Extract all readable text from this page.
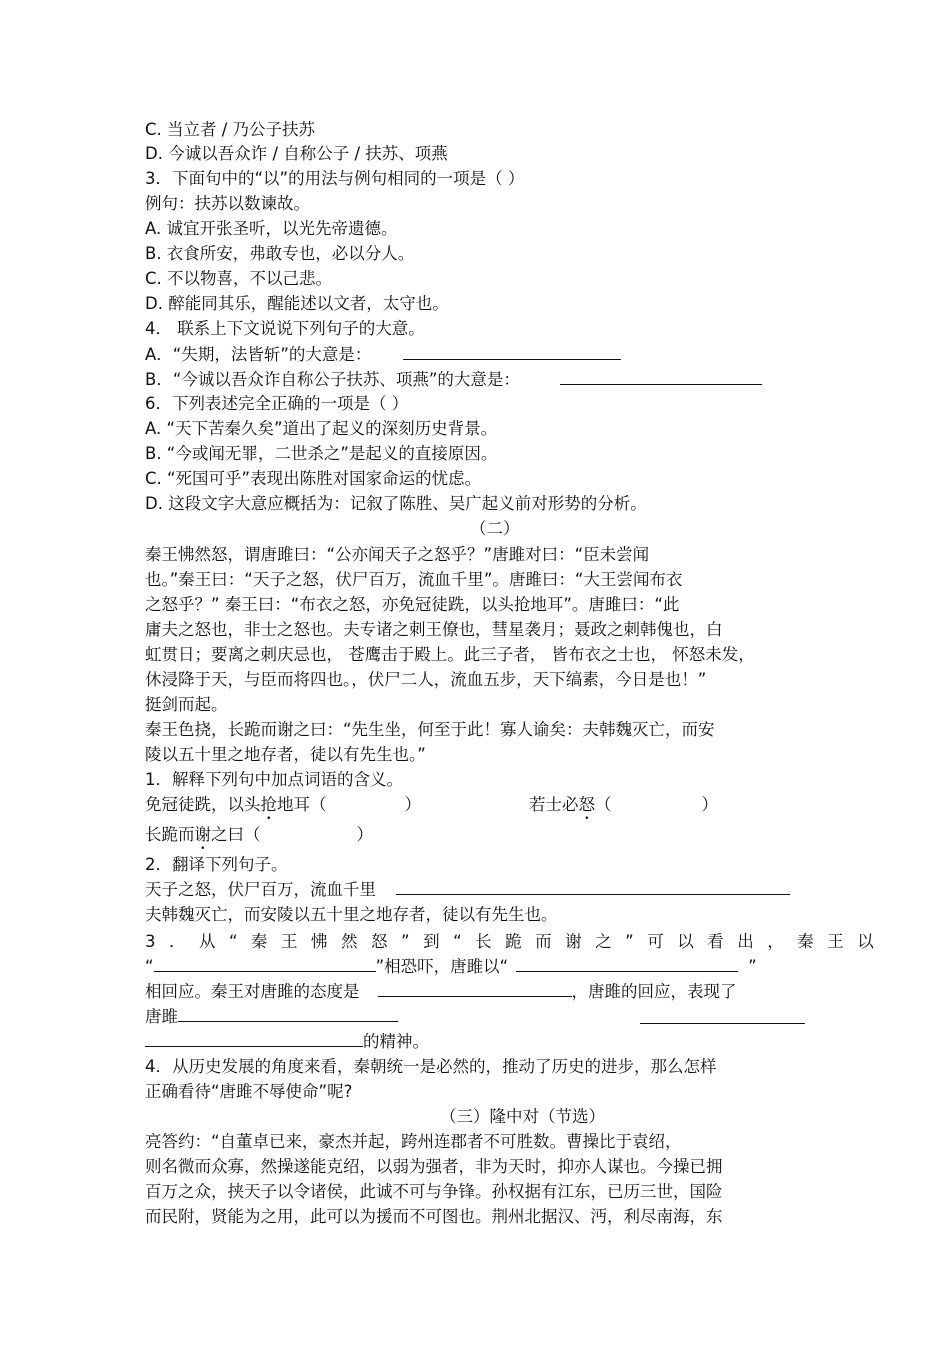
C. 当立者 / 乃公子扶苏
D. 今诚以吾众诈 / 自称公子 / 扶苏、项燕
3．下面句中的“以”的用法与例句相同的一项是（ ）
例句：扶苏以数谏故。
A. 诚宜开张圣听，以光先帝遗德。
B. 衣食所安，弗敢专也，必以分人。
C. 不以物喜，不以己悲。
D. 醉能同其乐，醒能述以文者，太守也。
4． 联系上下文说说下列句子的大意。
A．“失期，法皆斩”的大意是：
B．“今诚以吾众诈自称公子扶苏、项燕”的大意是：
6．下列表述完全正确的一项是（ ）
A. “天下苦秦久矣”道出了起义的深刻历史背景。
B. “今或闻无罪，二世杀之”是起义的直接原因。
C. “死国可乎”表现出陈胜对国家命运的忧虑。
D. 这段文字大意应概括为：记叙了陈胜、吴广起义前对形势的分析。
（二）
秦王怫然怒，谓唐雎曰：“公亦闻天子之怒乎？”唐雎对曰：“臣未尝闻
也。”秦王曰：“天子之怒，伏尸百万，流血千里”。唐雎曰：“大王尝闻布衣
之怒乎？” 秦王曰：“布衣之怒，亦免冠徒跣，以头抢地耳”。唐雎曰：“此
庸夫之怒也，非士之怒也。夫专诸之刺王僚也，彗星袭月；聂政之刺韩傀也，白
虹贯日；要离之刺庆忌也， 苍鹰击于殿上。此三子者， 皆布衣之士也， 怀怒未发，
休浸降于天，与臣而将四也。，伏尸二人，流血五步，天下缟素，今日是也！”
挺剑而起。
秦王色挠，长跪而谢之曰：“先生坐，何至于此！寡人谕矣：夫韩魏灭亡，而安
陵以五十里之地存者，徒以有先生也。”
1．解释下列句中加点词语的含义。
免冠徒跣，以头抢地耳（	）	若士必怒（	）
长跪而谢之曰（	）
2．翻译下列句子。
天子之怒，伏尸百万，流血千里
夫韩魏灭亡，而安陵以五十里之地存者，徒以有先生也。
3．从“秦王怫然怒”到“长跪而谢之”可以看出，秦王以
“	”相恐吓，唐雎以“	”
相回应。秦王对唐雎的态度是	，唐雎的回应，表现了
唐雎
的精神。
4．从历史发展的角度来看，秦朝统一是必然的，推动了历史的进步，那么怎样
正确看待“唐雎不辱使命”呢?
（三）隆中对（节选）
亮答约：“自董卓已来，豪杰并起，跨州连郡者不可胜数。曹操比于袁绍，
则名微而众寡，然操遂能克绍，以弱为强者，非为天时，抑亦人谋也。今操已拥
百万之众，挟天子以令诸侯，此诚不可与争锋。孙权据有江东，已历三世，国险
而民附，贤能为之用，此可以为援而不可图也。荆州北据汉、沔，利尽南海，东
